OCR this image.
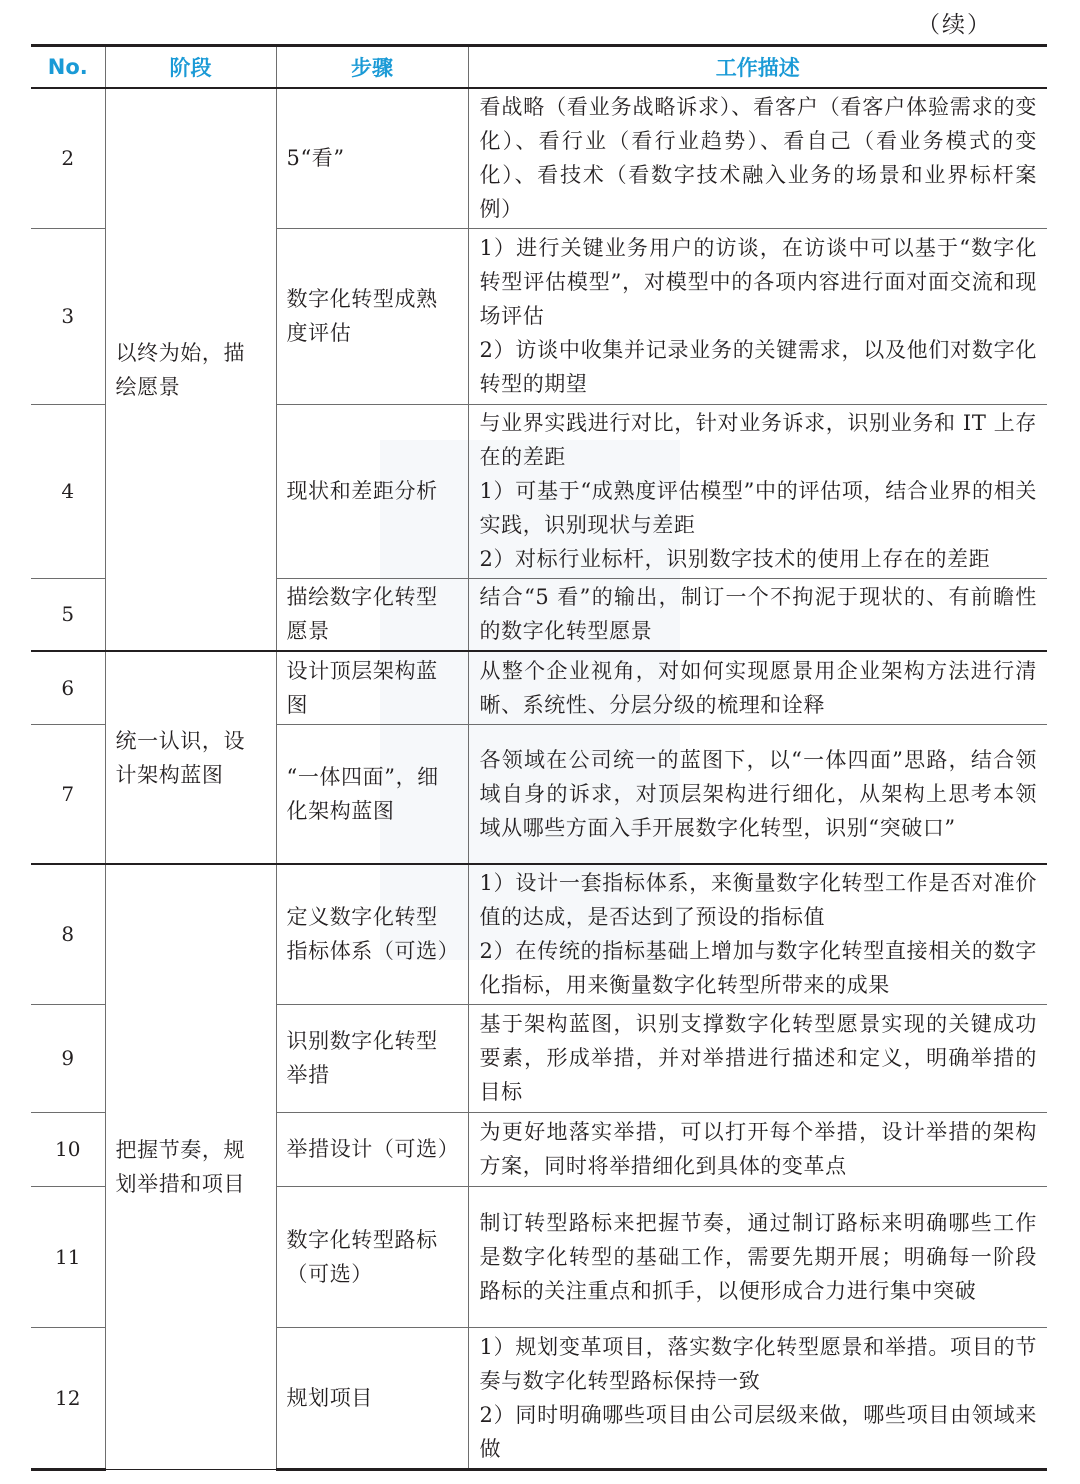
（续）
No.	阶段	步骤	工作描述
2	以终为始，描绘愿景	5“看”	看战略（看业务战略诉求）、看客户（看客户体验需求的变化）、看行业（看行业趋势）、看自己（看业务模式的变化）、看技术（看数字技术融入业务的场景和业界标杆案例）
3		数字化转型成熟度评估	1）进行关键业务用户的访谈，在访谈中可以基于“数字化转型评估模型”，对模型中的各项内容进行面对面交流和现场评估
2）访谈中收集并记录业务的关键需求，以及他们对数字化转型的期望

4		现状和差距分析	与业界实践进行对比，针对业务诉求，识别业务和 IT 上存在的差距
1）可基于“成熟度评估模型”中的评估项，结合业界的相关实践，识别现状与差距
2）对标行业标杆，识别数字技术的使用上存在的差距

5		描绘数字化转型愿景	结合“5 看”的输出，制订一个不拘泥于现状的、有前瞻性的数字化转型愿景
6	统一认识，设计架构蓝图	设计顶层架构蓝图	从整个企业视角，对如何实现愿景用企业架构方法进行清晰、系统性、分层分级的梳理和诠释
7		“一体四面”，细化架构蓝图	各领域在公司统一的蓝图下，以“一体四面”思路，结合领域自身的诉求，对顶层架构进行细化，从架构上思考本领域从哪些方面入手开展数字化转型，识别“突破口”
8	把握节奏，规划举措和项目	定义数字化转型指标体系（可选）	1）设计一套指标体系，来衡量数字化转型工作是否对准价值的达成，是否达到了预设的指标值
2）在传统的指标基础上增加与数字化转型直接相关的数字化指标，用来衡量数字化转型所带来的成果

9		识别数字化转型举措	基于架构蓝图，识别支撑数字化转型愿景实现的关键成功要素，形成举措，并对举措进行描述和定义，明确举措的目标
10		举措设计（可选）	为更好地落实举措，可以打开每个举措，设计举措的架构方案，同时将举措细化到具体的变革点
11		数字化转型路标（可选）	制订转型路标来把握节奏，通过制订路标来明确哪些工作是数字化转型的基础工作，需要先期开展；明确每一阶段路标的关注重点和抓手，以便形成合力进行集中突破
12		规划项目	1）规划变革项目，落实数字化转型愿景和举措。项目的节奏与数字化转型路标保持一致
2）同时明确哪些项目由公司层级来做，哪些项目由领域来做
